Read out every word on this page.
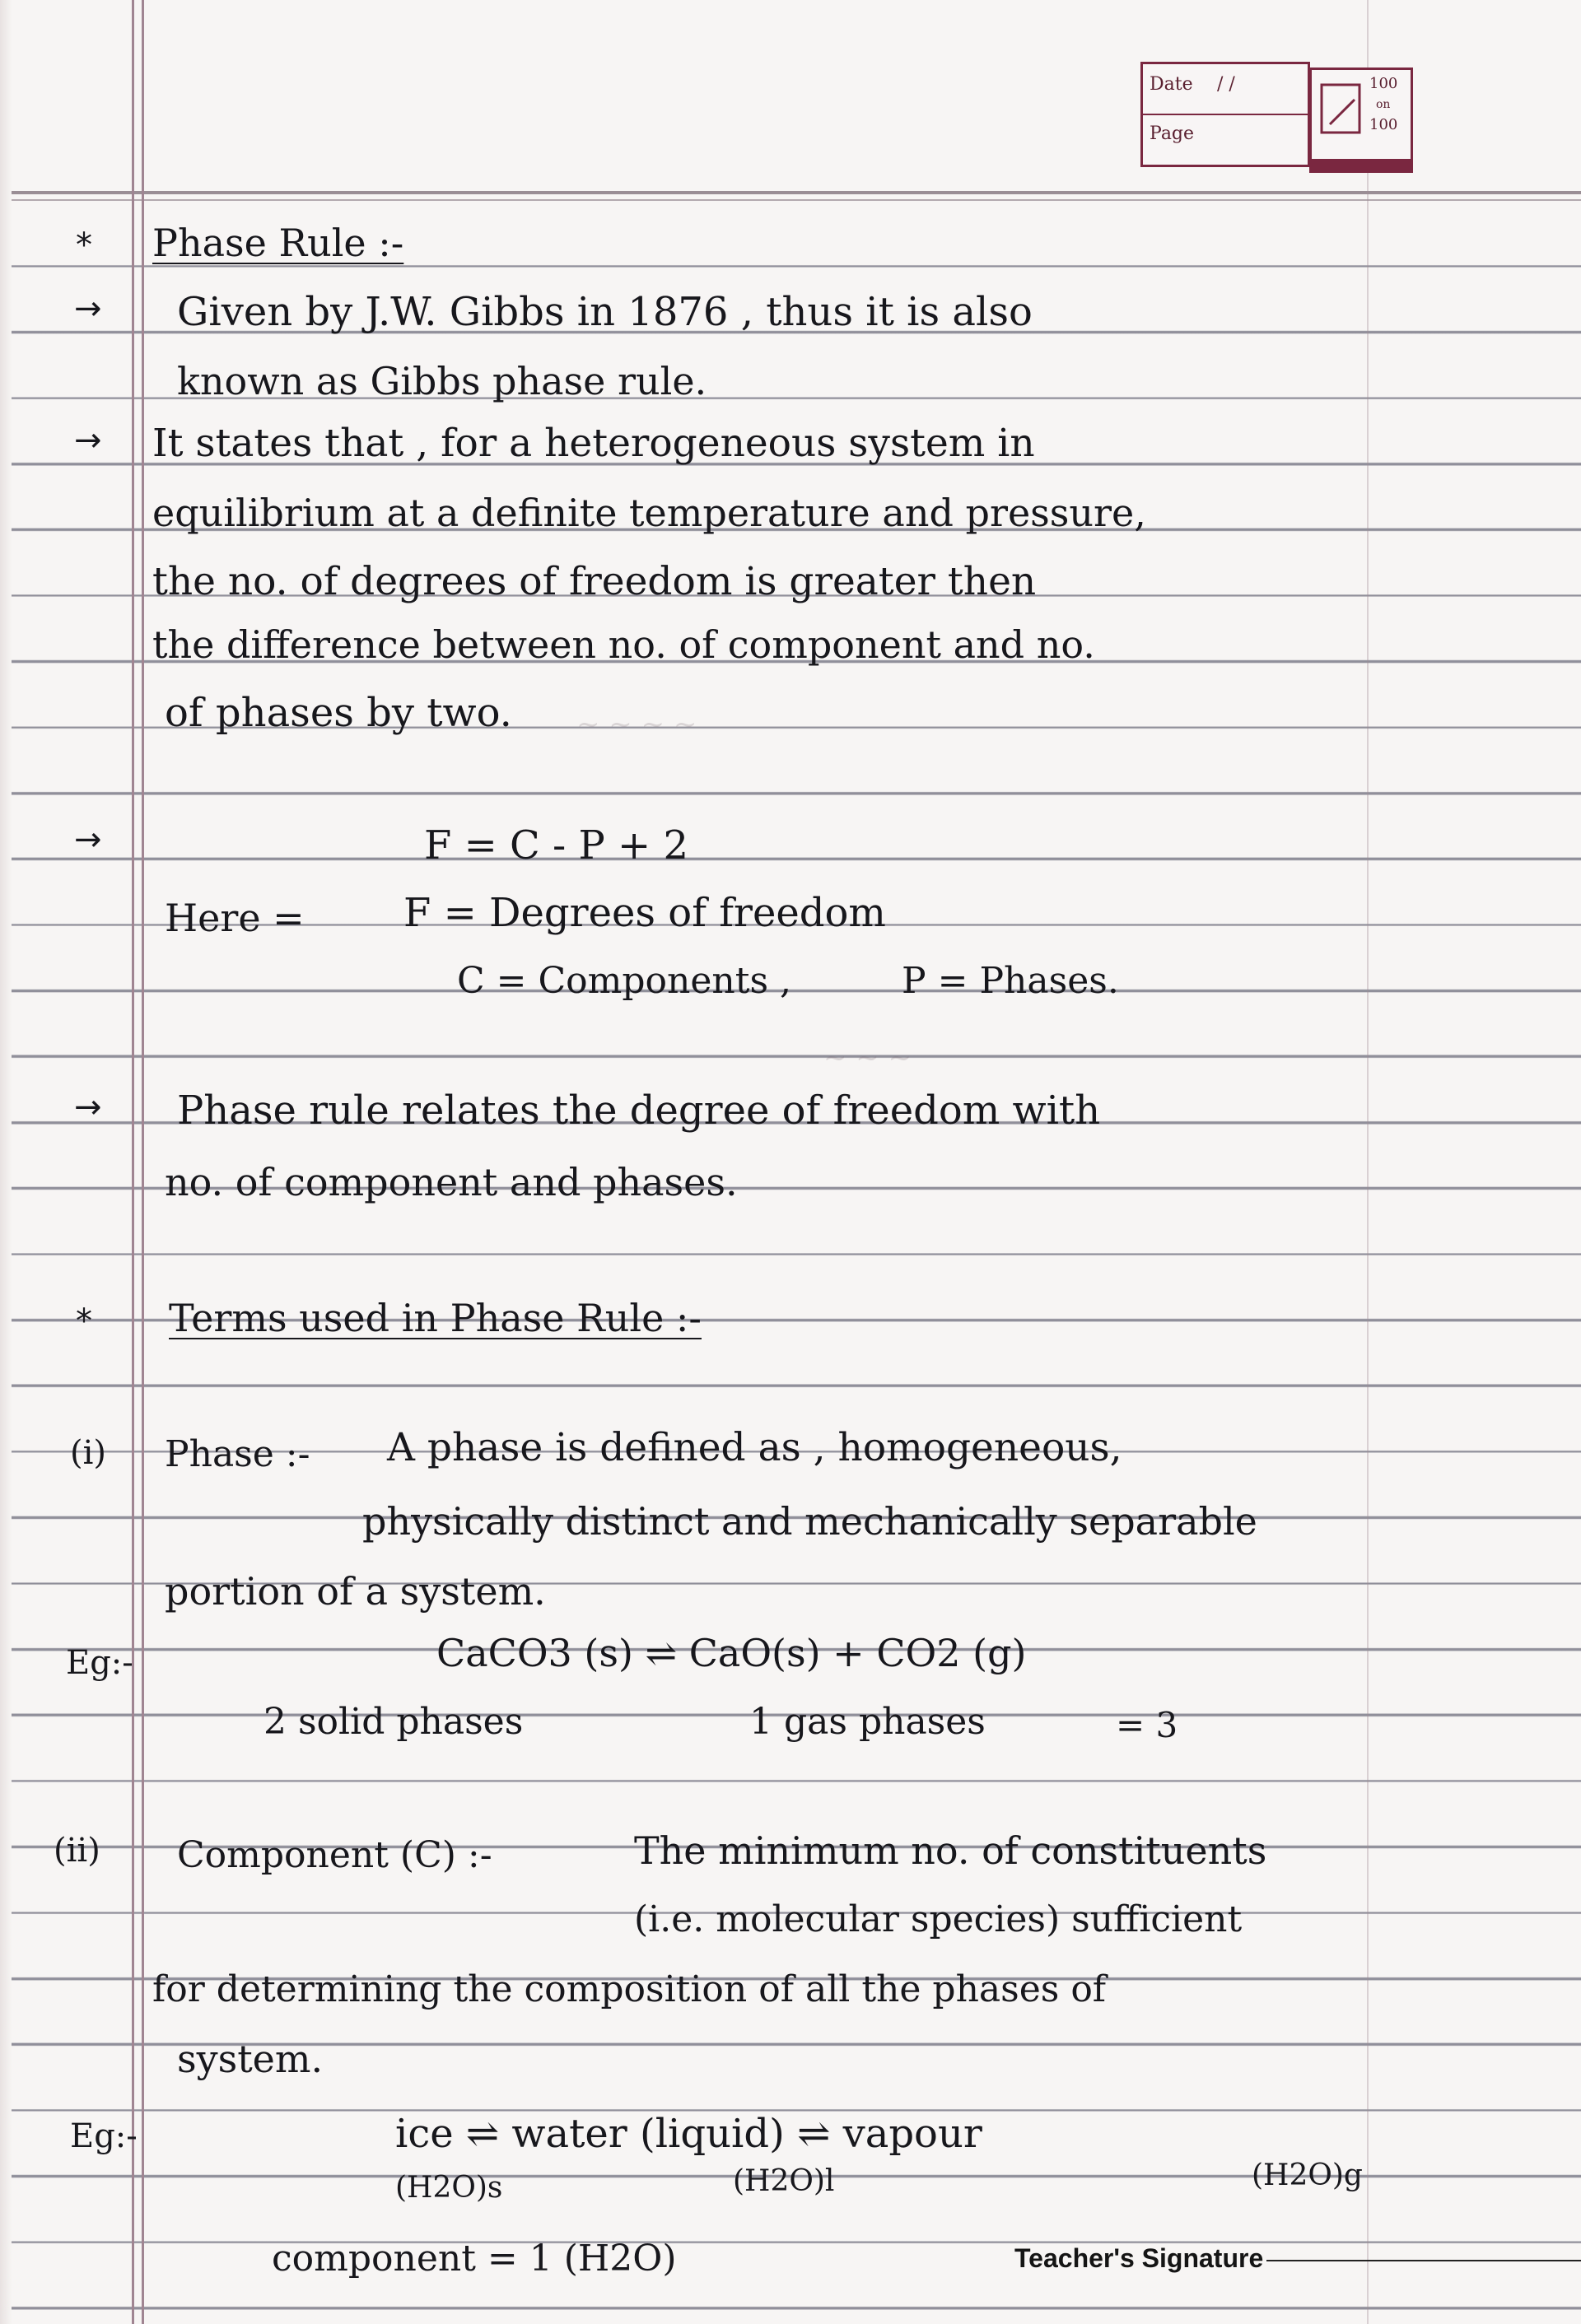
~ ~ ~ ~
~ ~ ~
Date / /
Page
100
on
100
*
→
→
→
→
*
Phase Rule :-
Given by J.W. Gibbs in 1876 , thus it is also
known as Gibbs phase rule.
It states that , for a heterogeneous system in
equilibrium at a definite temperature and pressure,
the no. of degrees of freedom is greater then
the difference between no. of component and no.
of phases by two.
F = C - P + 2
Here =	F = Degrees of freedom
C = Components ,	P = Phases.
Phase rule relates the degree of freedom with
no. of component and phases.
Terms used in Phase Rule :-
(i) Phase :- A phase is defined as , homogeneous,
physically distinct and mechanically separable
portion of a system.
Eg:-	CaCO3 (s) ⇌ CaO(s) + CO2 (g)
2 solid phases	1 gas phases	= 3
(ii) Component (C) :-	The minimum no. of constituents
(i.e. molecular species) sufficient
for determining the composition of all the phases of
system.
Eg:-	ice ⇌ water (liquid) ⇌ vapour
(H2O)s	(H2O)l	(H2O)g
component = 1 (H2O)	Teacher's Signature
